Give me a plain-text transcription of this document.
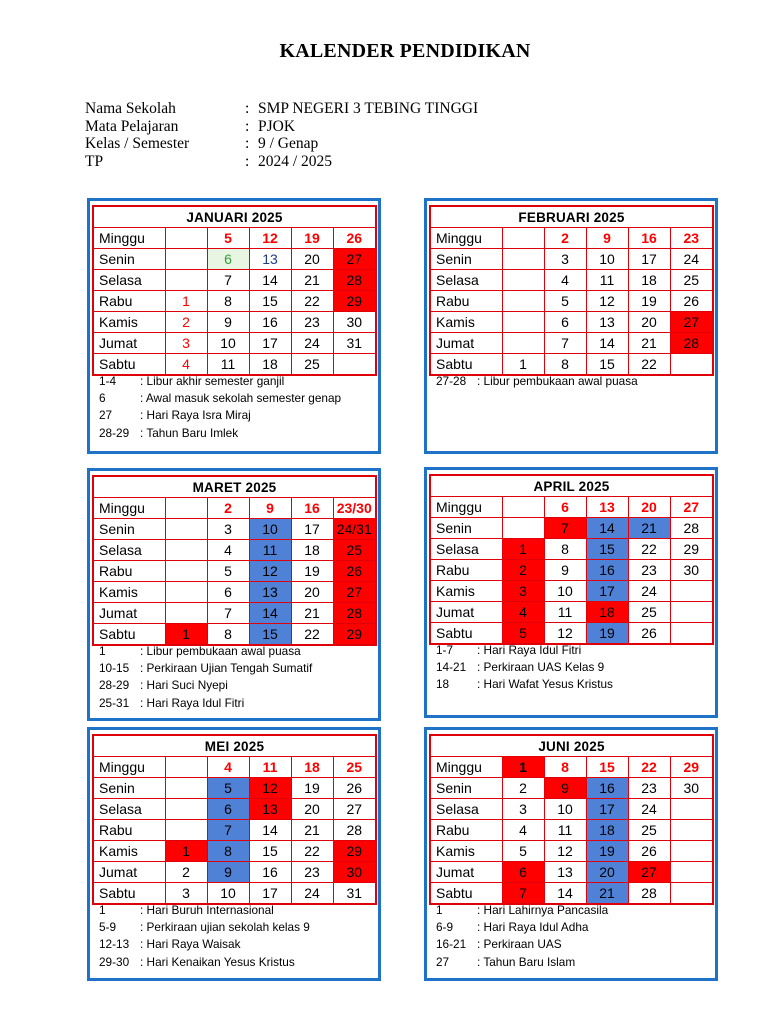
KALENDER PENDIDIKAN
Nama Sekolah	: SMP NEGERI 3 TEBING TINGGI
Mata Pelajaran	: PJOK
Kelas / Semester	: 9 / Genap
TP	: 2024 / 2025
JANUARI 2025					
Minggu		5	12	19	26
Senin		6	13	20	27
Selasa		7	14	21	28
Rabu	1	8	15	22	29
Kamis	2	9	16	23	30
Jumat	3	10	17	24	31
Sabtu	4	11	18	25	
1-4 : Libur akhir semester ganjil
6	: Awal masuk sekolah semester genap
27 : Hari Raya Isra Miraj
28-29 : Tahun Baru Imlek
FEBRUARI 2025					
Minggu		2	9	16	23
Senin		3	10	17	24
Selasa		4	11	18	25
Rabu		5	12	19	26
Kamis		6	13	20	27
Jumat		7	14	21	28
Sabtu	1	8	15	22	
27-28 : Libur pembukaan awal puasa
MARET 2025					
Minggu		2	9	16	23/30
Senin		3	10	17	24/31
Selasa		4	11	18	25
Rabu		5	12	19	26
Kamis		6	13	20	27
Jumat		7	14	21	28
Sabtu	1	8	15	22	29
1	: Libur pembukaan awal puasa
10-15 : Perkiraan Ujian Tengah Sumatif
28-29 : Hari Suci Nyepi
25-31 : Hari Raya Idul Fitri
APRIL 2025					
Minggu		6	13	20	27
Senin		7	14	21	28
Selasa	1	8	15	22	29
Rabu	2	9	16	23	30
Kamis	3	10	17	24	
Jumat	4	11	18	25	
Sabtu	5	12	19	26	
1-7 : Hari Raya Idul Fitri
14-21 : Perkiraan UAS Kelas 9
18 : Hari Wafat Yesus Kristus
MEI 2025					
Minggu		4	11	18	25
Senin		5	12	19	26
Selasa		6	13	20	27
Rabu		7	14	21	28
Kamis	1	8	15	22	29
Jumat	2	9	16	23	30
Sabtu	3	10	17	24	31
1	: Hari Buruh Internasional
5-9 : Perkiraan ujian sekolah kelas 9
12-13 : Hari Raya Waisak
29-30 : Hari Kenaikan Yesus Kristus
JUNI 2025					
Minggu	1	8	15	22	29
Senin	2	9	16	23	30
Selasa	3	10	17	24	
Rabu	4	11	18	25	
Kamis	5	12	19	26	
Jumat	6	13	20	27	
Sabtu	7	14	21	28	
1	: Hari Lahirnya Pancasila
6-9 : Hari Raya Idul Adha
16-21 : Perkiraan UAS
27 : Tahun Baru Islam
